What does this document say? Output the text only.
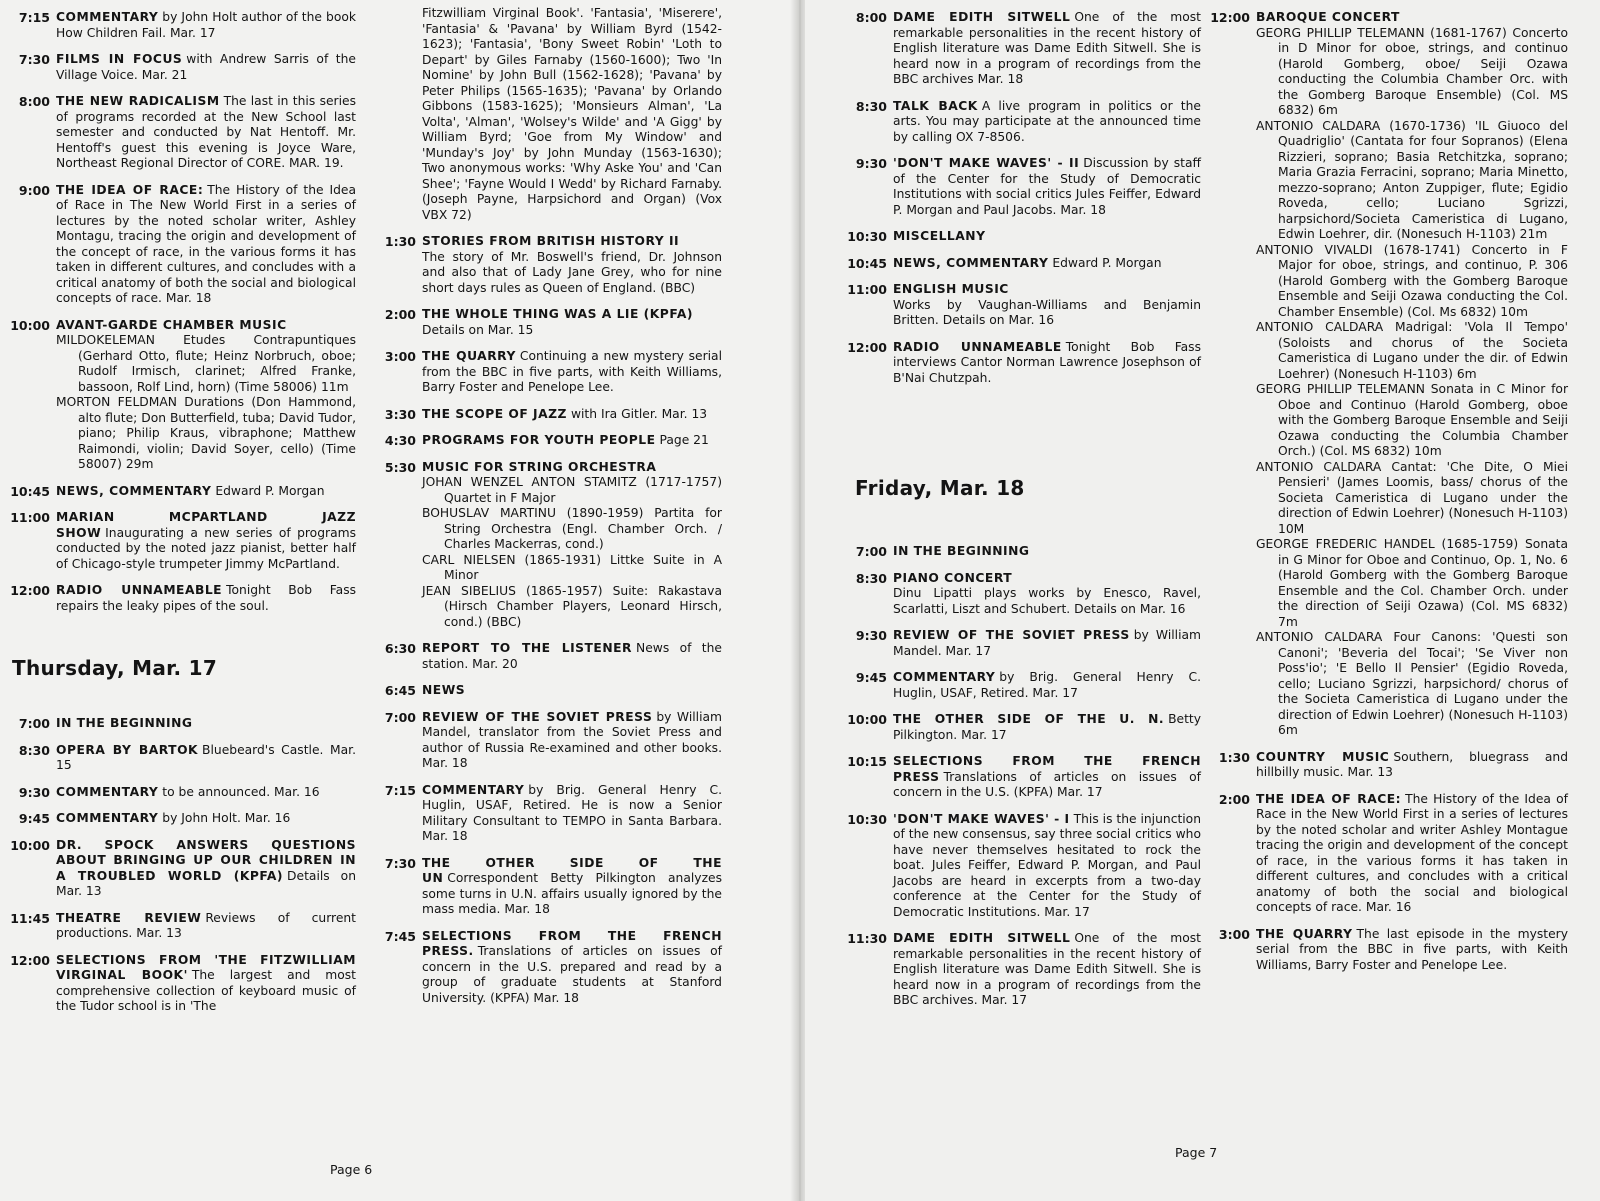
7:15 COMMENTARY by John Holt author of the book How Children Fail. Mar. 17
7:30 FILMS IN FOCUS with Andrew Sarris of the Village Voice. Mar. 21
8:00 THE NEW RADICALISM The last in this series of programs recorded at the New School last semester and conducted by Nat Hentoff. Mr. Hentoff's guest this evening is Joyce Ware, Northeast Regional Director of CORE. MAR. 19.
9:00 THE IDEA OF RACE: The History of the Idea of Race in The New World First in a series of lectures by the noted scholar writer, Ashley Montagu, tracing the origin and development of the concept of race, in the various forms it has taken in different cultures, and concludes with a critical anatomy of both the social and biological concepts of race. Mar. 18
10:00 AVANT-GARDE CHAMBER MUSIC
MILDOKELEMAN Etudes Contrapuntiques (Gerhard Otto, flute; Heinz Norbruch, oboe; Rudolf Irmisch, clarinet; Alfred Franke, bassoon, Rolf Lind, horn) (Time 58006) 11m
MORTON FELDMAN Durations (Don Hammond, alto flute; Don Butterfield, tuba; David Tudor, piano; Philip Kraus, vibraphone; Matthew Raimondi, violin; David Soyer, cello) (Time 58007) 29m
10:45 NEWS, COMMENTARY Edward P. Morgan
11:00 MARIAN MCPARTLAND JAZZ SHOW Inaugurating a new series of programs conducted by the noted jazz pianist, better half of Chicago-style trumpeter Jimmy McPartland.
12:00 RADIO UNNAMEABLE Tonight Bob Fass repairs the leaky pipes of the soul.
Thursday, Mar. 17
7:00 IN THE BEGINNING
8:30 OPERA BY BARTOK Bluebeard's Castle. Mar. 15
9:30 COMMENTARY to be announced. Mar. 16
9:45 COMMENTARY by John Holt. Mar. 16
10:00 DR. SPOCK ANSWERS QUESTIONS ABOUT BRINGING UP OUR CHILDREN IN A TROUBLED WORLD (KPFA) Details on Mar. 13
11:45 THEATRE REVIEW Reviews of current productions. Mar. 13
12:00 SELECTIONS FROM 'THE FITZWILLIAM VIRGINAL BOOK' The largest and most comprehensive collection of keyboard music of the Tudor school is in 'The
Fitzwilliam Virginal Book'. 'Fantasia', 'Miserere', 'Fantasia' & 'Pavana' by William Byrd (1542-1623); 'Fantasia', 'Bony Sweet Robin' 'Loth to Depart' by Giles Farnaby (1560-1600); Two 'In Nomine' by John Bull (1562-1628); 'Pavana' by Peter Philips (1565-1635); 'Pavana' by Orlando Gibbons (1583-1625); 'Monsieurs Alman', 'La Volta', 'Alman', 'Wolsey's Wilde' and 'A Gigg' by William Byrd; 'Goe from My Window' and 'Munday's Joy' by John Munday (1563-1630); Two anonymous works: 'Why Aske You' and 'Can Shee'; 'Fayne Would I Wedd' by Richard Farnaby. (Joseph Payne, Harpsichord and Organ) (Vox VBX 72)
1:30 STORIES FROM BRITISH HISTORY II
The story of Mr. Boswell's friend, Dr. Johnson and also that of Lady Jane Grey, who for nine short days rules as Queen of England. (BBC)
2:00 THE WHOLE THING WAS A LIE (KPFA)
Details on Mar. 15
3:00 THE QUARRY Continuing a new mystery serial from the BBC in five parts, with Keith Williams, Barry Foster and Penelope Lee.
3:30 THE SCOPE OF JAZZ with Ira Gitler. Mar. 13
4:30 PROGRAMS FOR YOUTH PEOPLE Page 21
5:30 MUSIC FOR STRING ORCHESTRA
JOHAN WENZEL ANTON STAMITZ (1717-1757) Quartet in F Major
BOHUSLAV MARTINU (1890-1959) Partita for String Orchestra (Engl. Chamber Orch. / Charles Mackerras, cond.)
CARL NIELSEN (1865-1931) Littke Suite in A Minor
JEAN SIBELIUS (1865-1957) Suite: Rakastava (Hirsch Chamber Players, Leonard Hirsch, cond.) (BBC)
6:30 REPORT TO THE LISTENER News of the station. Mar. 20
6:45 NEWS
7:00 REVIEW OF THE SOVIET PRESS by William Mandel, translator from the Soviet Press and author of Russia Re-examined and other books. Mar. 18
7:15 COMMENTARY by Brig. General Henry C. Huglin, USAF, Retired. He is now a Senior Military Consultant to TEMPO in Santa Barbara. Mar. 18
7:30 THE OTHER SIDE OF THE UN Correspondent Betty Pilkington analyzes some turns in U.N. affairs usually ignored by the mass media. Mar. 18
7:45 SELECTIONS FROM THE FRENCH PRESS. Translations of articles on issues of concern in the U.S. prepared and read by a group of graduate students at Stanford University. (KPFA) Mar. 18
Page 6
8:00 DAME EDITH SITWELL One of the most remarkable personalities in the recent history of English literature was Dame Edith Sitwell. She is heard now in a program of recordings from the BBC archives Mar. 18
8:30 TALK BACK A live program in politics or the arts. You may participate at the announced time by calling OX 7-8506.
9:30 'DON'T MAKE WAVES' - II Discussion by staff of the Center for the Study of Democratic Institutions with social critics Jules Feiffer, Edward P. Morgan and Paul Jacobs. Mar. 18
10:30 MISCELLANY
10:45 NEWS, COMMENTARY Edward P. Morgan
11:00 ENGLISH MUSIC
Works by Vaughan-Williams and Benjamin Britten. Details on Mar. 16
12:00 RADIO UNNAMEABLE Tonight Bob Fass interviews Cantor Norman Lawrence Josephson of B'Nai Chutzpah.
Friday, Mar. 18
7:00 IN THE BEGINNING
8:30 PIANO CONCERT
Dinu Lipatti plays works by Enesco, Ravel, Scarlatti, Liszt and Schubert. Details on Mar. 16
9:30 REVIEW OF THE SOVIET PRESS by William Mandel. Mar. 17
9:45 COMMENTARY by Brig. General Henry C. Huglin, USAF, Retired. Mar. 17
10:00 THE OTHER SIDE OF THE U. N. Betty Pilkington. Mar. 17
10:15 SELECTIONS FROM THE FRENCH PRESS Translations of articles on issues of concern in the U.S. (KPFA) Mar. 17
10:30 'DON'T MAKE WAVES' - I This is the injunction of the new consensus, say three social critics who have never themselves hesitated to rock the boat. Jules Feiffer, Edward P. Morgan, and Paul Jacobs are heard in excerpts from a two-day conference at the Center for the Study of Democratic Institutions. Mar. 17
11:30 DAME EDITH SITWELL One of the most remarkable personalities in the recent history of English literature was Dame Edith Sitwell. She is heard now in a program of recordings from the BBC archives. Mar. 17
12:00 BAROQUE CONCERT
GEORG PHILLIP TELEMANN (1681-1767) Concerto in D Minor for oboe, strings, and continuo (Harold Gomberg, oboe/ Seiji Ozawa conducting the Columbia Chamber Orc. with the Gomberg Baroque Ensemble) (Col. MS 6832) 6m
ANTONIO CALDARA (1670-1736) 'IL Giuoco del Quadriglio' (Cantata for four Sopranos) (Elena Rizzieri, soprano; Basia Retchitzka, soprano; Maria Grazia Ferracini, soprano; Maria Minetto, mezzo-soprano; Anton Zuppiger, flute; Egidio Roveda, cello; Luciano Sgrizzi, harpsichord/Societa Cameristica di Lugano, Edwin Loehrer, dir. (Nonesuch H-1103) 21m
ANTONIO VIVALDI (1678-1741) Concerto in F Major for oboe, strings, and continuo, P. 306 (Harold Gomberg with the Gomberg Baroque Ensemble and Seiji Ozawa conducting the Col. Chamber Ensemble) (Col. Ms 6832) 10m
ANTONIO CALDARA Madrigal: 'Vola Il Tempo' (Soloists and chorus of the Societa Cameristica di Lugano under the dir. of Edwin Loehrer) (Nonesuch H-1103) 6m
GEORG PHILLIP TELEMANN Sonata in C Minor for Oboe and Continuo (Harold Gomberg, oboe with the Gomberg Baroque Ensemble and Seiji Ozawa conducting the Columbia Chamber Orch.) (Col. MS 6832) 10m
ANTONIO CALDARA Cantat: 'Che Dite, O Miei Pensieri' (James Loomis, bass/ chorus of the Societa Cameristica di Lugano under the direction of Edwin Loehrer) (Nonesuch H-1103) 10M
GEORGE FREDERIC HANDEL (1685-1759) Sonata in G Minor for Oboe and Continuo, Op. 1, No. 6 (Harold Gomberg with the Gomberg Baroque Ensemble and the Col. Chamber Orch. under the direction of Seiji Ozawa) (Col. MS 6832) 7m
ANTONIO CALDARA Four Canons: 'Questi son Canoni'; 'Beveria del Tocai'; 'Se Viver non Poss'io'; 'E Bello Il Pensier' (Egidio Roveda, cello; Luciano Sgrizzi, harpsichord/ chorus of the Societa Cameristica di Lugano under the direction of Edwin Loehrer) (Nonesuch H-1103) 6m
1:30 COUNTRY MUSIC Southern, bluegrass and hillbilly music. Mar. 13
2:00 THE IDEA OF RACE: The History of the Idea of Race in the New World First in a series of lectures by the noted scholar and writer Ashley Montague tracing the origin and development of the concept of race, in the various forms it has taken in different cultures, and concludes with a critical anatomy of both the social and biological concepts of race. Mar. 16
3:00 THE QUARRY The last episode in the mystery serial from the BBC in five parts, with Keith Williams, Barry Foster and Penelope Lee.
Page 7
